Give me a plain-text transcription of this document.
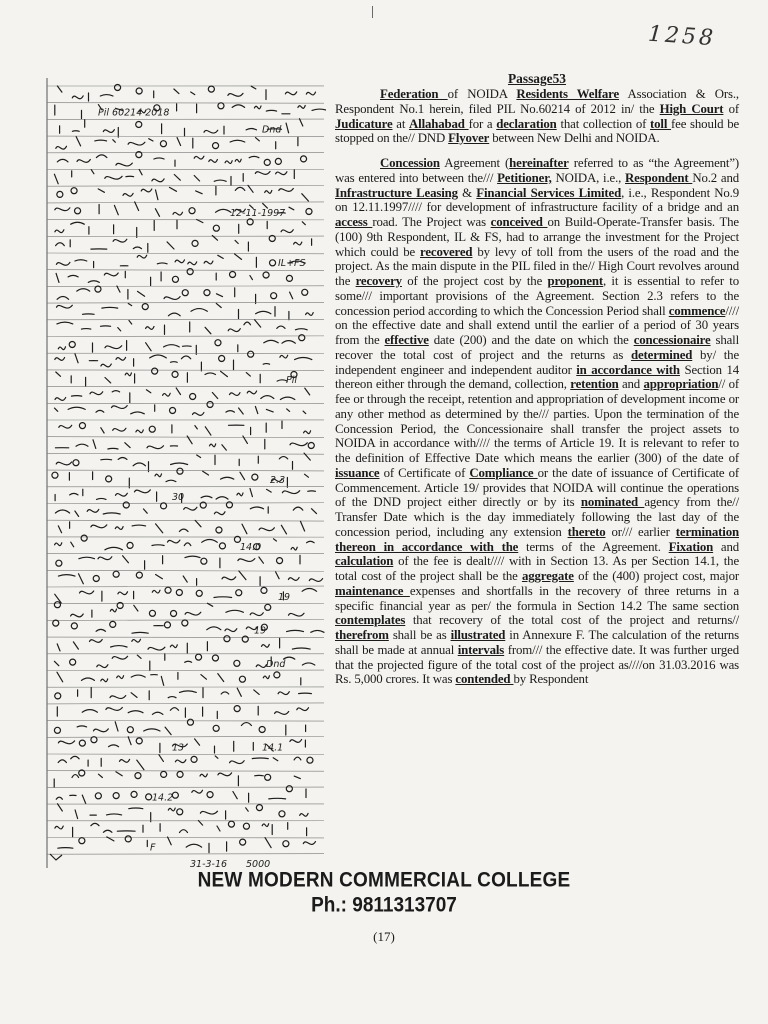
1258
Pil 60214 2018
Dnd
12-11-1997
IL+FS
Pil
2.3
30
14.0
19
19
Dnd
13	14.1
14.2
F
31-3-16 5000

Passage53

Federation of NOIDA Residents Welfare Association & Ors., Respondent No.1 herein, filed PIL No.60214 of 2012 in/ the High Court of Judicature at Allahabad for a declaration that collection of toll fee should be stopped on the// DND Flyover between New Delhi and NOIDA.

Concession Agreement (hereinafter referred to as “the Agreement”) was entered into between the/// Petitioner, NOIDA, i.e., Respondent No.2 and Infrastructure Leasing & Financial Services Limited, i.e., Respondent No.9 on 12.11.1997//// for development of infrastructure facility of a bridge and an access road. The Project was conceived on Build-Operate-Transfer basis. The (100) 9th Respondent, IL & FS, had to arrange the investment for the Project which could be recovered by levy of toll from the users of the road and the project. As the main dispute in the PIL filed in the// High Court revolves around the recovery of the project cost by the proponent, it is essential to refer to some/// important provisions of the Agreement. Section 2.3 refers to the concession period according to which the Concession Period shall commence//// on the effective date and shall extend until the earlier of a period of 30 years from the effective date (200) and the date on which the concessionaire shall recover the total cost of project and the returns as determined by/ the independent engineer and independent auditor in accordance with Section 14 thereon either through the demand, collection, retention and appropriation// of fee or through the receipt, retention and appropriation of development income or any other method as determined by the/// parties. Upon the termination of the Concession Period, the Concessionaire shall transfer the project assets to NOIDA in accordance with//// the terms of Article 19. It is relevant to refer to the definition of Effective Date which means the earlier (300) of the date of issuance of Certificate of Compliance or the date of issuance of Certificate of Commencement. Article 19/ provides that NOIDA will continue the operations of the DND project either directly or by its nominated agency from the// Transfer Date which is the day immediately following the last day of the concession period, including any extension thereto or/// earlier termination thereon in accordance with the terms of the Agreement. Fixation and calculation of the fee is dealt//// with in Section 13. As per Section 14.1, the total cost of the project shall be the aggregate of the (400) project cost, major maintenance expenses and shortfalls in the recovery of three returns in a specific financial year as per/ the formula in Section 14.2 The same section contemplates that recovery of the total cost of the project and returns// therefrom shall be as illustrated in Annexure F. The calculation of the returns shall be made at annual intervals from/// the effective date. It was further urged that the projected figure of the total cost of the project as////on 31.03.2016 was Rs. 5,000 crores. It was contended by Respondent

NEW MODERN COMMERCIAL COLLEGE
Ph.: 9811313707
(17)
